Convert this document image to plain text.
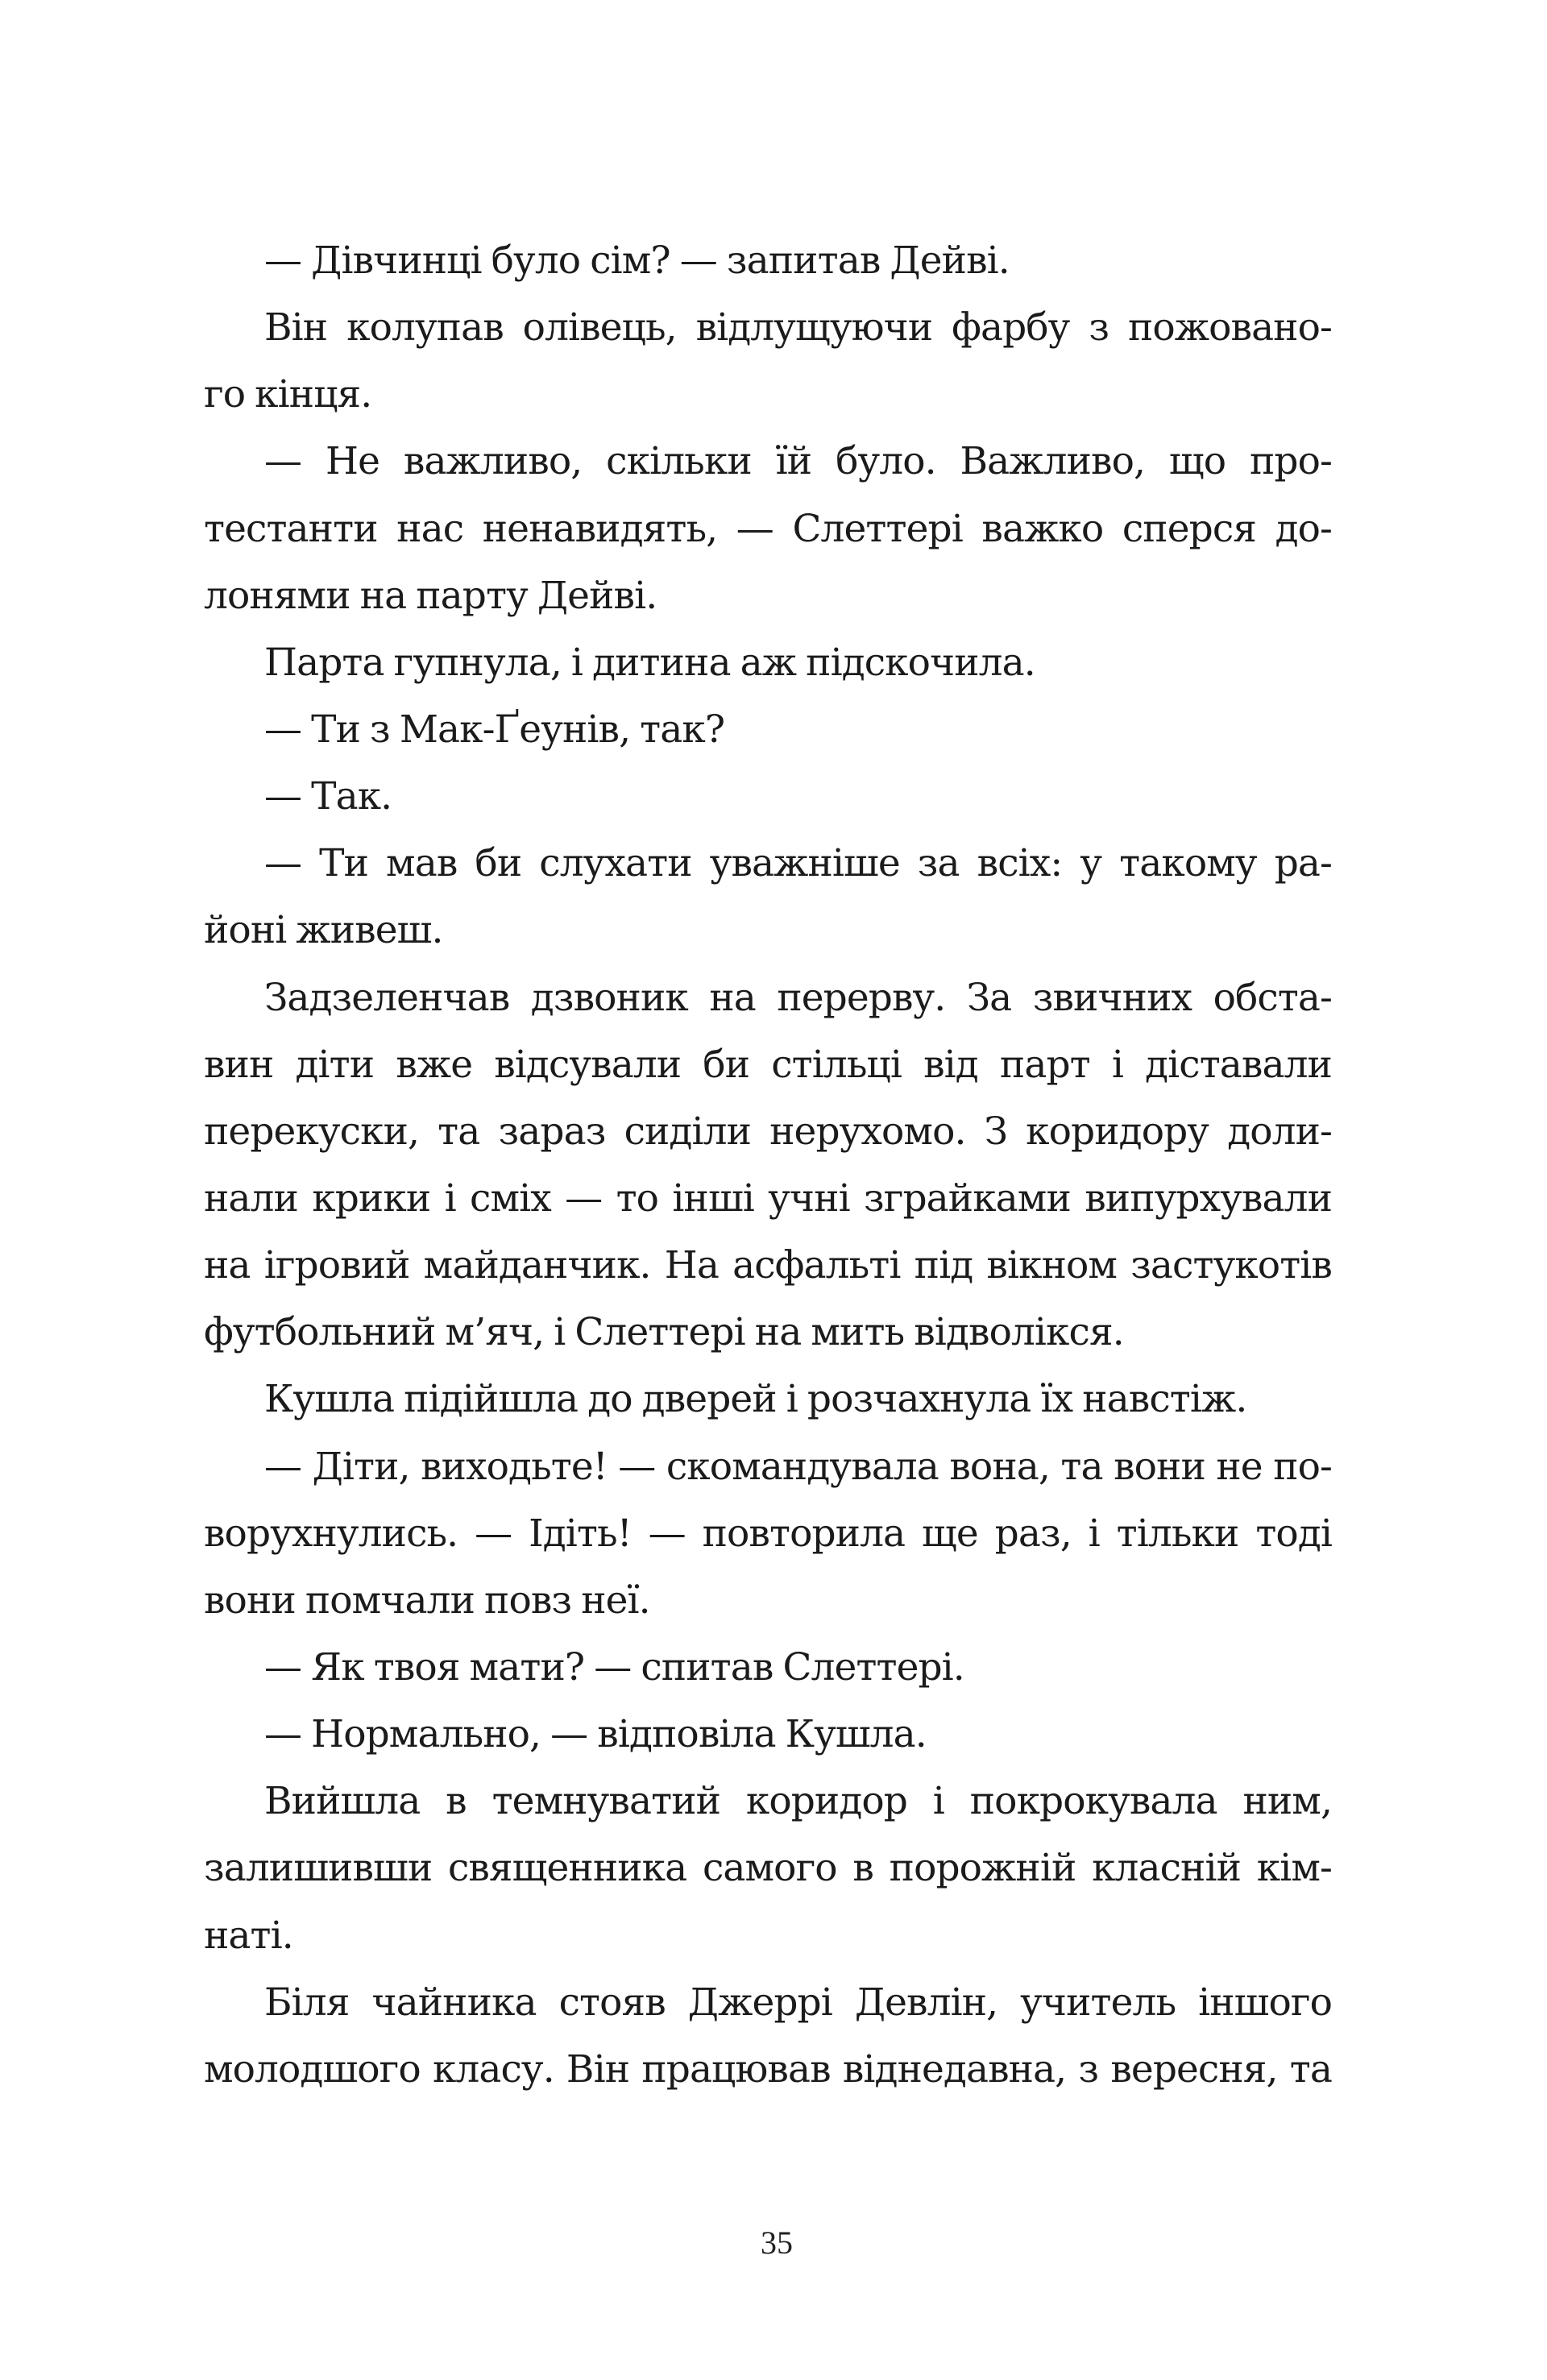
— Дівчинці було сім? — запитав Дейві.
Він колупав олівець, відлущуючи фарбу з пожовано-
го кінця.
— Не важливо, скільки їй було. Важливо, що про-
тестанти нас ненавидять, — Слеттері важко сперся до-
лонями на парту Дейві.
Парта гупнула, і дитина аж підскочила.
— Ти з Мак-Ґеунів, так?
— Так.
— Ти мав би слухати уважніше за всіх: у такому ра-
йоні живеш.
Задзеленчав дзвоник на перерву. За звичних обста-
вин діти вже відсували би стільці від парт і діставали
перекуски, та зараз сиділи нерухомо. З коридору доли-
нали крики і сміх — то інші учні зграйками випурхували
на ігровий майданчик. На асфальті під вікном застукотів
футбольний м’яч, і Слеттері на мить відволікся.
Кушла підійшла до дверей і розчахнула їх навстіж.
— Діти, виходьте! — скомандувала вона, та вони не по-
ворухнулись. — Ідіть! — повторила ще раз, і тільки тоді
вони помчали повз неї.
— Як твоя мати? — спитав Слеттері.
— Нормально, — відповіла Кушла.
Вийшла в темнуватий коридор і покрокувала ним,
залишивши священника самого в порожній класній кім-
наті.
Біля чайника стояв Джеррі Девлін, учитель іншого
молодшого класу. Він працював віднедавна, з вересня, та
35
